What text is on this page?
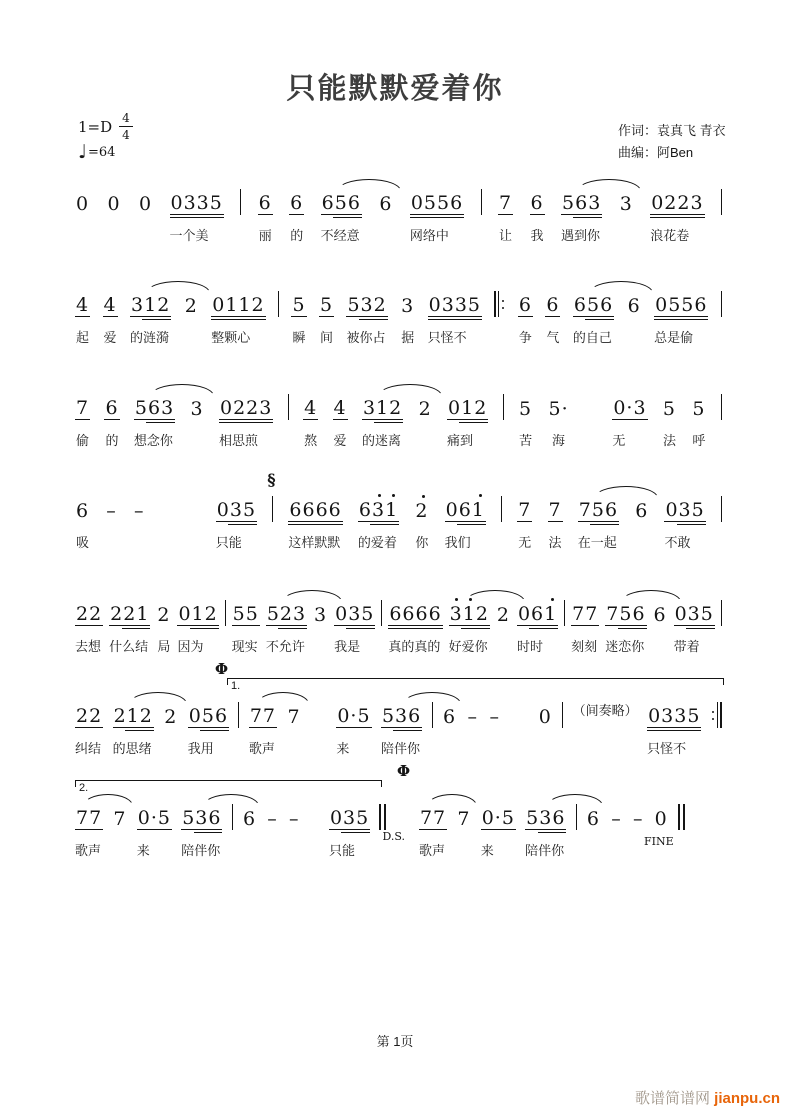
只能默默爱着你
$1=D \frac{4}{4}$
♩ =64
作词：袁真飞 青衣
曲编：阿Ben
0 0 0 0335
一个美
6
丽
6
的
656
不经意
6 0556
网络中
7
让
6
我
563
遇到你
3 0223
浪花卷
4
起
4
爱
312
的涟漪
2 0112
整颗心
5
瞬
5
间
532
被你占
3
据
0335
只怪不
6
争
6
气
656
的自己
6 0556
总是偷
7
偷
6
的
563
想念你
3 0223
相思煎
4
熬
4
爱
312
的迷离
2 012
痛到
5
苦
5·
海
0·3
无
5
法
5
呼
6
吸
– –	035
只能
§
6666
这样默默
631
的爱着
2
你
061
我们
7
无
7
法
756
在一起
6 035
不敢
22
去想
221
什么结
2
局
012
因为
55
现实
523
不允许
3 035
我是
6666
真的真的
312
好爱你
2 061
时时
77
刻刻
756
迷恋你
6 035
带着
22
纠结
212
的思绪
2 056
我用
77
歌声
7 0·5
来
536
陪伴你
6 – – 0 （间奏略） 0335
只怪不
Φ
1.
77
歌声
7 0·5
来
536
陪伴你
6 – – 035
只能
D.S.
77
歌声
7 0·5
来
536
陪伴你
6 – – 0
FINE
2.
Φ
第 1页
歌谱简谱网 jianpu.cn
